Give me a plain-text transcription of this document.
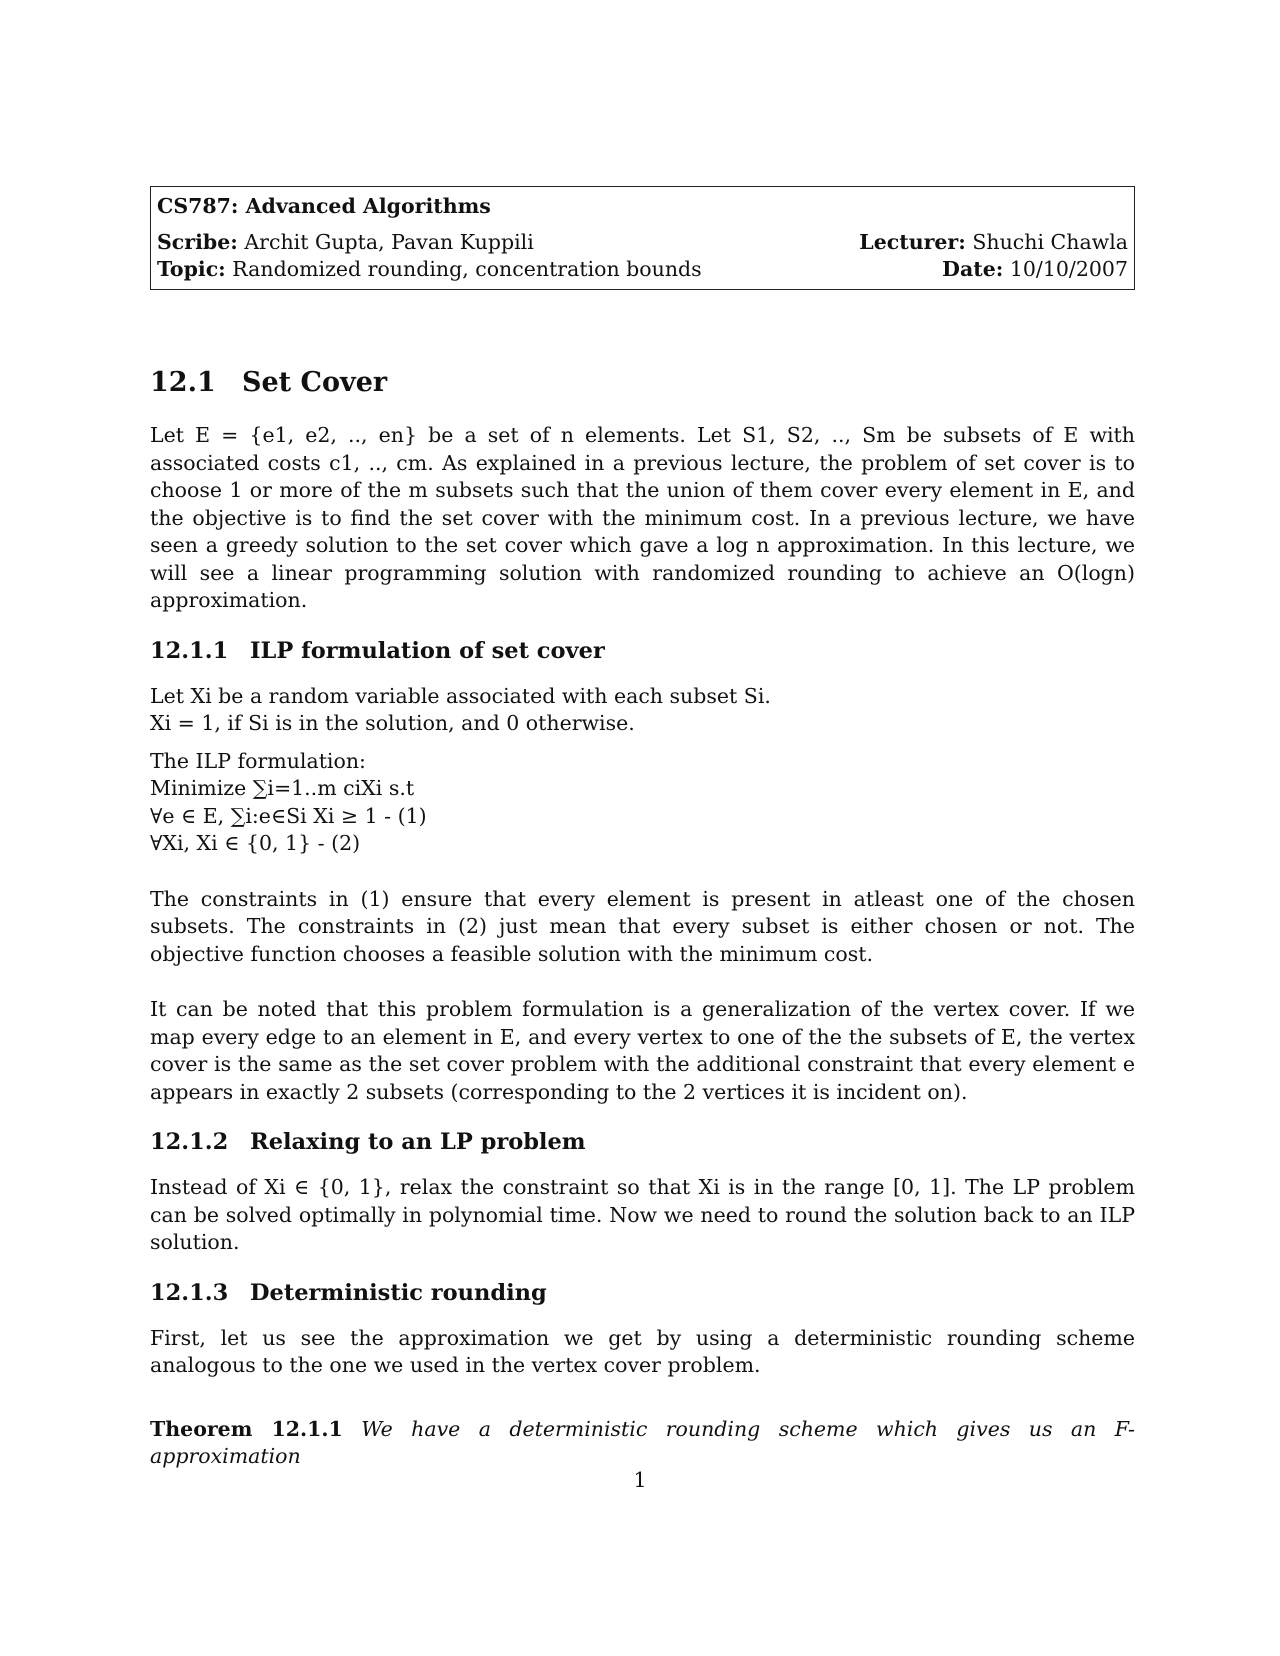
CS787: Advanced Algorithms
Scribe: Archit Gupta, Pavan Kuppili	Lecturer: Shuchi Chawla
Topic: Randomized rounding, concentration bounds	Date: 10/10/2007
12.1 Set Cover

Let E = {e1, e2, .., en} be a set of n elements. Let S1, S2, .., Sm be subsets of E with associated costs c1, .., cm. As explained in a previous lecture, the problem of set cover is to choose 1 or more of the m subsets such that the union of them cover every element in E, and the objective is to find the set cover with the minimum cost. In a previous lecture, we have seen a greedy solution to the set cover which gave a log n approximation. In this lecture, we will see a linear programming solution with randomized rounding to achieve an O(logn) approximation.

12.1.1 ILP formulation of set cover

Let Xi be a random variable associated with each subset Si.

Xi = 1, if Si is in the solution, and 0 otherwise.

The ILP formulation:

Minimize ∑i=1..m ciXi s.t

∀e ∈ E, ∑i:e∈Si Xi ≥ 1 - (1)

∀Xi, Xi ∈ {0, 1} - (2)

The constraints in (1) ensure that every element is present in atleast one of the chosen subsets. The constraints in (2) just mean that every subset is either chosen or not. The objective function chooses a feasible solution with the minimum cost.

It can be noted that this problem formulation is a generalization of the vertex cover. If we map every edge to an element in E, and every vertex to one of the the subsets of E, the vertex cover is the same as the set cover problem with the additional constraint that every element e appears in exactly 2 subsets (corresponding to the 2 vertices it is incident on).

12.1.2 Relaxing to an LP problem

Instead of Xi ∈ {0, 1}, relax the constraint so that Xi is in the range [0, 1]. The LP problem can be solved optimally in polynomial time. Now we need to round the solution back to an ILP solution.

12.1.3 Deterministic rounding

First, let us see the approximation we get by using a deterministic rounding scheme analogous to the one we used in the vertex cover problem.

Theorem 12.1.1 We have a deterministic rounding scheme which gives us an F-approximation
1
